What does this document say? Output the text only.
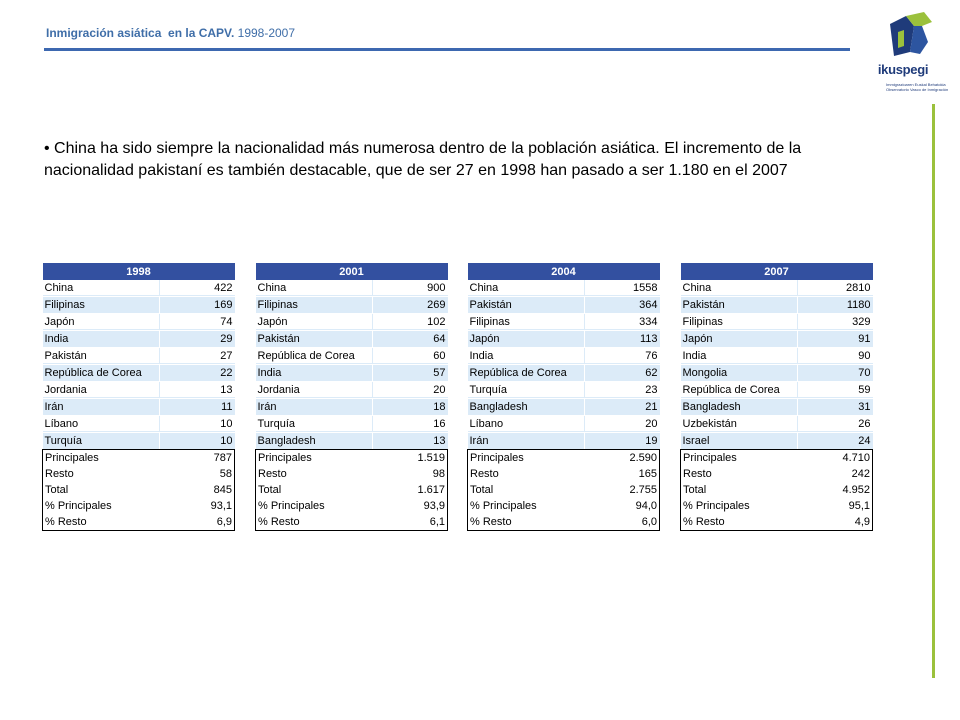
Inmigración asiática  en la CAPV. 1998-2007
ikuspegi
Immigrazioaren Euskal Behatokia
Observatorio Vasco de Inmigración
• China ha sido siempre la nacionalidad más numerosa dentro de la población asiática. El incremento de la nacionalidad pakistaní es también destacable, que de ser 27 en 1998 han pasado a ser 1.180 en el 2007
1998	
China	422
Filipinas	169
Japón	74
India	29
Pakistán	27
República de Corea	22
Jordania	13
Irán	11
Líbano	10
Turquía	10
Principales	787
Resto	58
Total	845
% Principales	93,1
% Resto	6,9
2001	
China	900
Filipinas	269
Japón	102
Pakistán	64
República de Corea	60
India	57
Jordania	20
Irán	18
Turquía	16
Bangladesh	13
Principales	1.519
Resto	98
Total	1.617
% Principales	93,9
% Resto	6,1
2004	
China	1558
Pakistán	364
Filipinas	334
Japón	113
India	76
República de Corea	62
Turquía	23
Bangladesh	21
Líbano	20
Irán	19
Principales	2.590
Resto	165
Total	2.755
% Principales	94,0
% Resto	6,0
2007	
China	2810
Pakistán	1180
Filipinas	329
Japón	91
India	90
Mongolia	70
República de Corea	59
Bangladesh	31
Uzbekistán	26
Israel	24
Principales	4.710
Resto	242
Total	4.952
% Principales	95,1
% Resto	4,9
